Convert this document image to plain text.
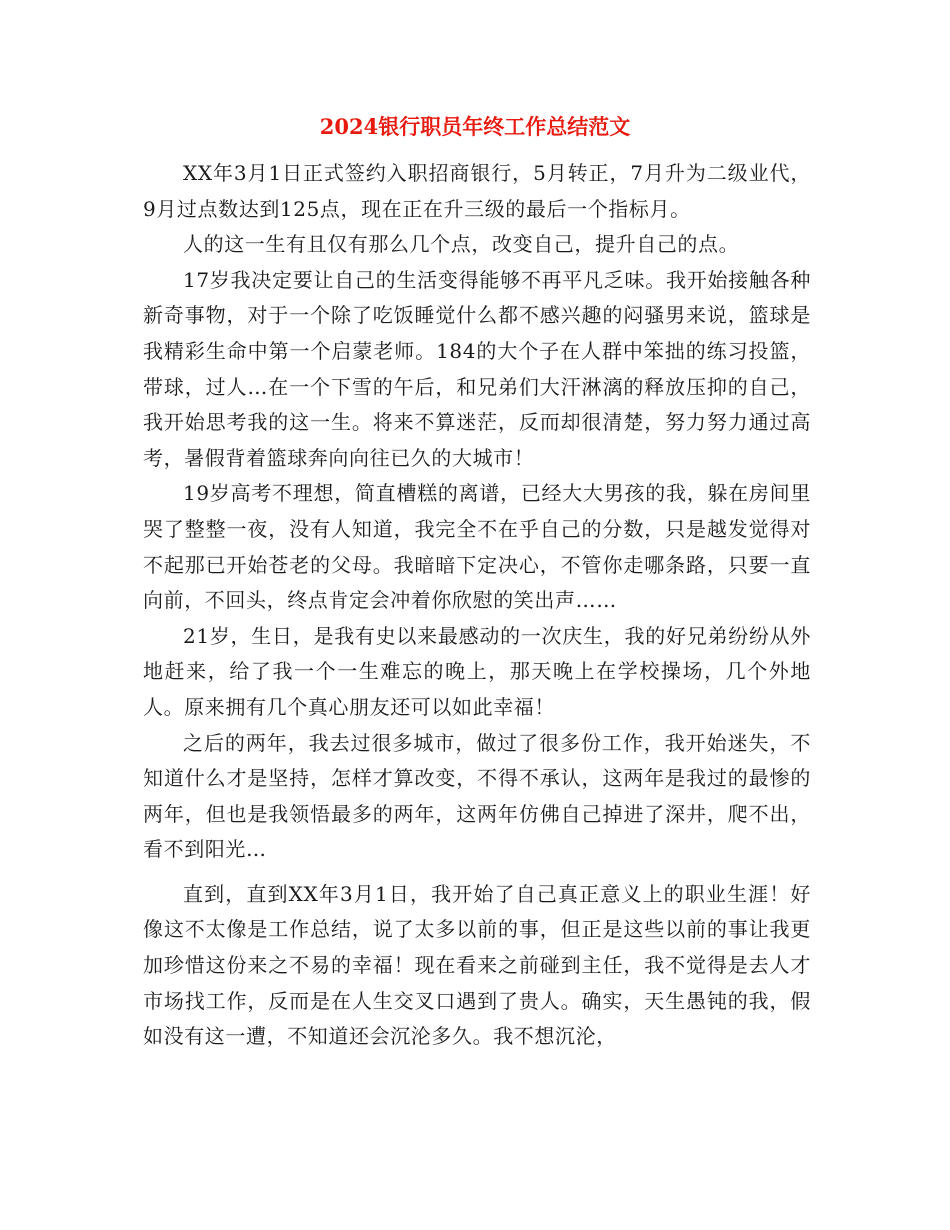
2024银行职员年终工作总结范文

XX年3月1日正式签约入职招商银行，5月转正，7月升为二级业代，9月过点数达到125点，现在正在升三级的最后一个指标月。

人的这一生有且仅有那么几个点，改变自己，提升自己的点。

17岁我决定要让自己的生活变得能够不再平凡乏味。我开始接触各种新奇事物，对于一个除了吃饭睡觉什么都不感兴趣的闷骚男来说，篮球是我精彩生命中第一个启蒙老师。184的大个子在人群中笨拙的练习投篮，带球，过人…在一个下雪的午后，和兄弟们大汗淋漓的释放压抑的自己，我开始思考我的这一生。将来不算迷茫，反而却很清楚，努力努力通过高考，暑假背着篮球奔向向往已久的大城市！

19岁高考不理想，简直槽糕的离谱，已经大大男孩的我，躲在房间里哭了整整一夜，没有人知道，我完全不在乎自己的分数，只是越发觉得对不起那已开始苍老的父母。我暗暗下定决心，不管你走哪条路，只要一直向前，不回头，终点肯定会冲着你欣慰的笑出声……

21岁，生日，是我有史以来最感动的一次庆生，我的好兄弟纷纷从外地赶来，给了我一个一生难忘的晚上，那天晚上在学校操场，几个外地人。原来拥有几个真心朋友还可以如此幸福！

之后的两年，我去过很多城市，做过了很多份工作，我开始迷失，不知道什么才是坚持，怎样才算改变，不得不承认，这两年是我过的最惨的两年，但也是我领悟最多的两年，这两年仿佛自己掉进了深井，爬不出，看不到阳光…

直到，直到XX年3月1日，我开始了自己真正意义上的职业生涯！好像这不太像是工作总结，说了太多以前的事，但正是这些以前的事让我更加珍惜这份来之不易的幸福！现在看来之前碰到主任，我不觉得是去人才市场找工作，反而是在人生交叉口遇到了贵人。确实，天生愚钝的我，假如没有这一遭，不知道还会沉沦多久。我不想沉沦，
